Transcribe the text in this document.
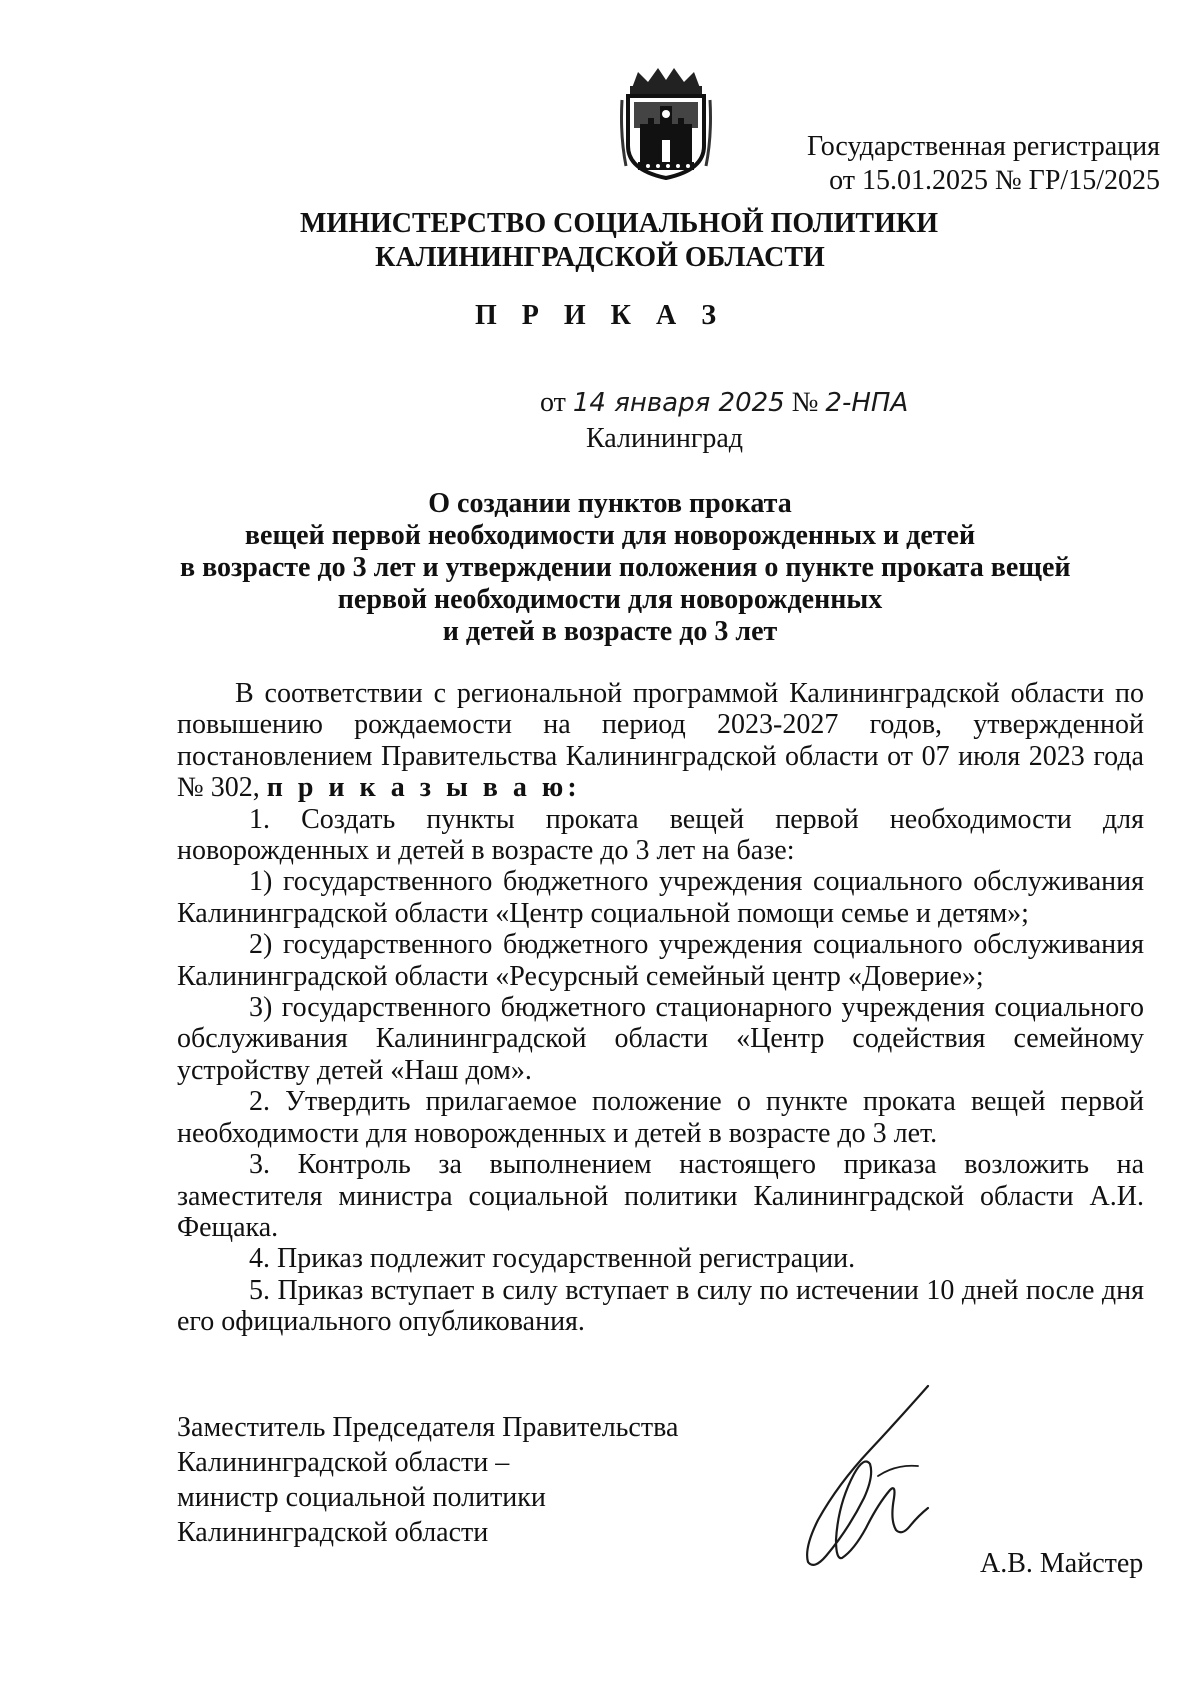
Государственная регистрация
от 15.01.2025 № ГР/15/2025
МИНИСТЕРСТВО СОЦИАЛЬНОЙ ПОЛИТИКИ
КАЛИНИНГРАДСКОЙ ОБЛАСТИ
П Р И К А З
от 14 января 2025 № 2-НПА
Калининград
О создании пунктов проката
вещей первой необходимости для новорожденных и детей
в возрасте до 3 лет и утверждении положения о пункте проката вещей
первой необходимости для новорожденных
и детей в возрасте до 3 лет

В соответствии с региональной программой Калининградской области по повышению рождаемости на период 2023-2027 годов, утвержденной постановлением Правительства Калининградской области от 07 июля 2023 года № 302, п р и к а з ы в а ю:

1. Создать пункты проката вещей первой необходимости для новорожденных и детей в возрасте до 3 лет на базе:

1) государственного бюджетного учреждения социального обслуживания Калининградской области «Центр социальной помощи семье и детям»;

2) государственного бюджетного учреждения социального обслуживания Калининградской области «Ресурсный семейный центр «Доверие»;

3) государственного бюджетного стационарного учреждения социального обслуживания Калининградской области «Центр содействия семейному устройству детей «Наш дом».

2. Утвердить прилагаемое положение о пункте проката вещей первой необходимости для новорожденных и детей в возрасте до 3 лет.

3. Контроль за выполнением настоящего приказа возложить на заместителя министра социальной политики Калининградской области А.И. Фещака.

4. Приказ подлежит государственной регистрации.

5. Приказ вступает в силу вступает в силу по истечении 10 дней после дня его официального опубликования.

Заместитель Председателя Правительства
Калининградской области –
министр социальной политики
Калининградской области
А.В. Майстер
